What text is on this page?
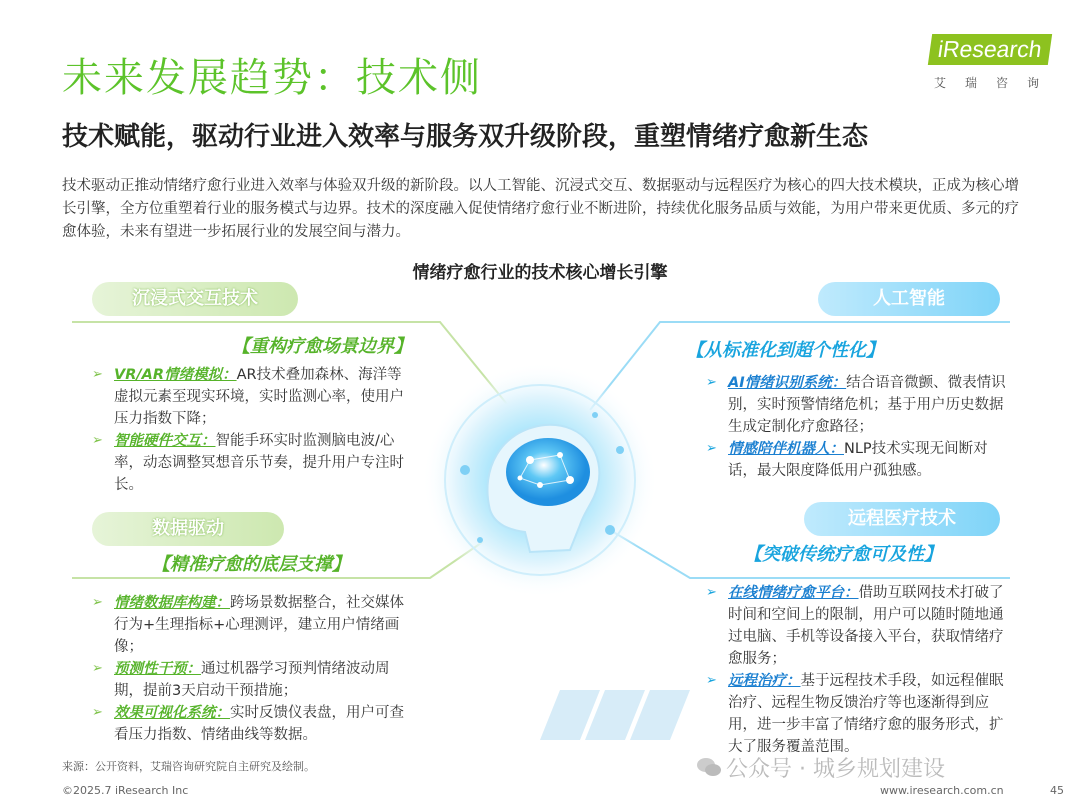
未来发展趋势：技术侧
iResearch
艾瑞咨询
技术赋能，驱动行业进入效率与服务双升级阶段，重塑情绪疗愈新生态
技术驱动正推动情绪疗愈行业进入效率与体验双升级的新阶段。以人工智能、沉浸式交互、数据驱动与远程医疗为核心的四大技术模块，正成为核心增长引擎，全方位重塑着行业的服务模式与边界。技术的深度融入促使情绪疗愈行业不断进阶，持续优化服务品质与效能，为用户带来更优质、多元的疗愈体验，未来有望进一步拓展行业的发展空间与潜力。
情绪疗愈行业的技术核心增长引擎
沉浸式交互技术	人工智能
数据驱动	远程医疗技术
【重构疗愈场景边界】	【从标准化到超个性化】
【精准疗愈的底层支撑】	【突破传统疗愈可及性】
➢ VR/AR情绪模拟：AR技术叠加森林、海洋等虚拟元素至现实环境，实时监测心率，使用户压力指数下降；
➢ 智能硬件交互：智能手环实时监测脑电波/心率，动态调整冥想音乐节奏，提升用户专注时长。
➢ AI情绪识别系统：结合语音微颤、微表情识别，实时预警情绪危机；基于用户历史数据生成定制化疗愈路径；
➢ 情感陪伴机器人：NLP技术实现无间断对话，最大限度降低用户孤独感。
➢ 情绪数据库构建：跨场景数据整合，社交媒体行为+生理指标+心理测评，建立用户情绪画像；
➢ 预测性干预：通过机器学习预判情绪波动周期，提前3天启动干预措施；
➢ 效果可视化系统：实时反馈仪表盘，用户可查看压力指数、情绪曲线等数据。
➢ 在线情绪疗愈平台：借助互联网技术打破了时间和空间上的限制，用户可以随时随地通过电脑、手机等设备接入平台，获取情绪疗愈服务；
➢ 远程治疗：基于远程技术手段，如远程催眠治疗、远程生物反馈治疗等也逐渐得到应用，进一步丰富了情绪疗愈的服务形式，扩大了服务覆盖范围。
来源：公开资料，艾瑞咨询研究院自主研究及绘制。
©2025.7 iResearch Inc	www.iresearch.com.cn	45
公众号 · 城乡规划建设
